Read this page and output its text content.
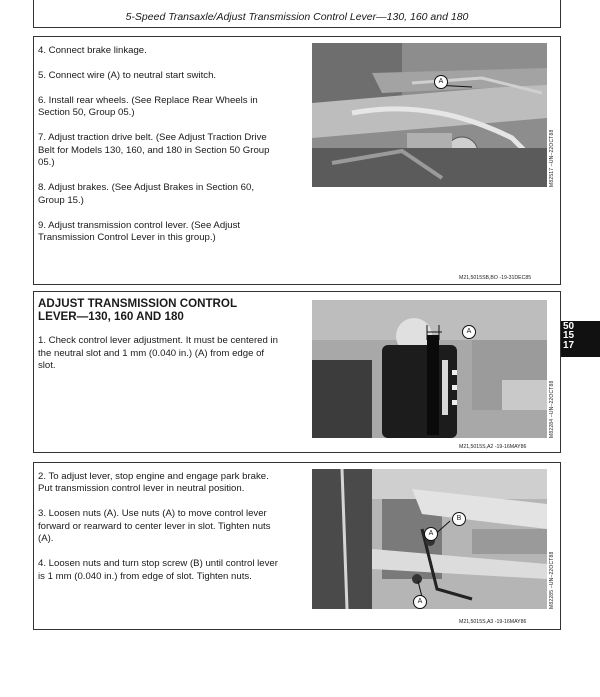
5-Speed Transaxle/Adjust Transmission Control Lever—130, 160 and 180

4. Connect brake linkage.

5. Connect wire (A) to neutral start switch.

6. Install rear wheels. (See Replace Rear Wheels in
Section 50, Group 05.)

7. Adjust traction drive belt. (See Adjust Traction Drive
Belt for Models 130, 160, and 180 in Section 50 Group
05.)

8. Adjust brakes. (See Adjust Brakes in Section 60,
Group 15.)

9. Adjust transmission control lever. (See Adjust
Transmission Control Lever in this group.)

A
M82517 –UN–22OCT88
M21,5015SB,BO -19-31DEC85
ADJUST TRANSMISSION CONTROL
LEVER—130, 160 AND 180

1. Check control lever adjustment. It must be centered in
the neutral slot and 1 mm (0.040 in.) (A) from edge of
slot.

A
M82284 –UN–22OCT88
M21,5015S,A2 -19-16MAY86
50
15
17

2. To adjust lever, stop engine and engage park brake.
Put transmission control lever in neutral position.

3. Loosen nuts (A). Use nuts (A) to move control lever
forward or rearward to center lever in slot. Tighten nuts
(A).

4. Loosen nuts and turn stop screw (B) until control lever
is 1 mm (0.040 in.) from edge of slot. Tighten nuts.

B
A
A	M82285 –UN–22OCT88
M21,5015S,A3 -19-16MAY86
